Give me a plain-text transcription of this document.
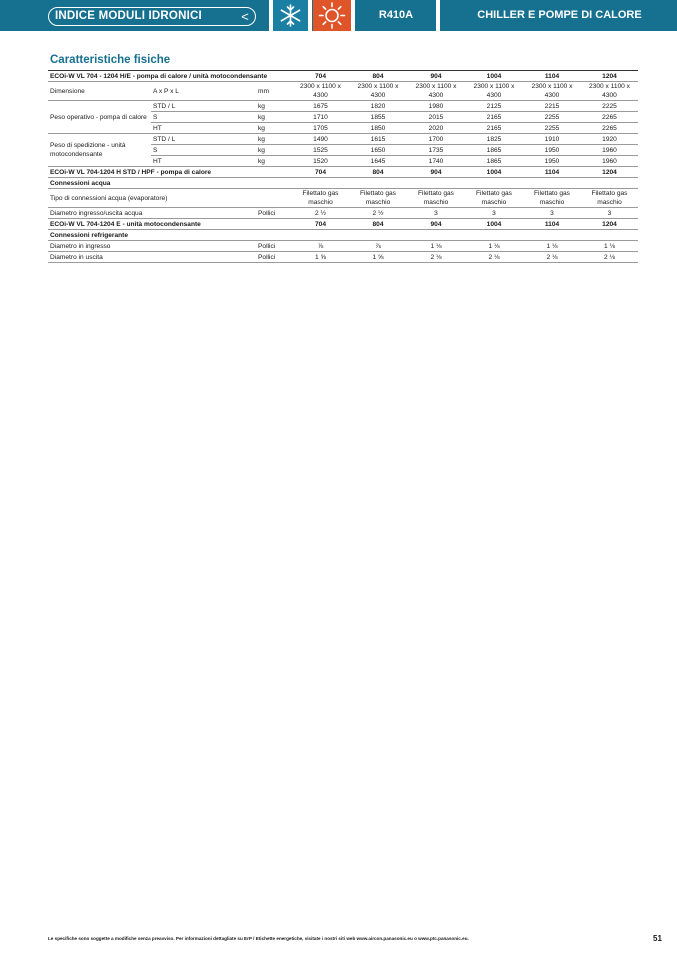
INDICE MODULI IDRONICI	<	R410A	CHILLER E POMPE DI CALORE
Caratteristiche fisiche
ECOi-W VL 704 - 1204 H/E - pompa di calore / unità motocondensante			704	804	904	1004	1104	1204
Dimensione	A x P x L	mm	2300 x 1100 x 4300	2300 x 1100 x 4300	2300 x 1100 x 4300	2300 x 1100 x 4300	2300 x 1100 x 4300	2300 x 1100 x 4300
Peso operativo - pompa di calore	STD / L	kg	1675	1820	1980	2125	2215	2225
	S	kg	1710	1855	2015	2165	2255	2265
	HT	kg	1705	1850	2020	2165	2255	2265
Peso di spedizione - unità motocondensante	STD / L	kg	1490	1615	1700	1825	1910	1920
	S	kg	1525	1650	1735	1865	1950	1960
	HT	kg	1520	1645	1740	1865	1950	1960
ECOi-W VL 704-1204 H STD / HPF - pompa di calore			704	804	904	1004	1104	1204
Connessioni acqua								
Tipo di connessioni acqua (evaporatore)			Filettato gas maschio	Filettato gas maschio	Filettato gas maschio	Filettato gas maschio	Filettato gas maschio	Filettato gas maschio
Diametro ingresso/uscita acqua		Pollici	2 ½	2 ½	3	3	3	3
ECOi-W VL 704-1204 E - unità motocondensante			704	804	904	1004	1104	1204
Connessioni refrigerante								
Diametro in ingresso		Pollici	⅞	⅞	1 ⅛	1 ⅛	1 ⅛	1 ⅛
Diametro in uscita		Pollici	1 ⅝	1 ⅝	2 ⅛	2 ⅛	2 ⅛	2 ⅛
Le specifiche sono soggette a modifiche senza preavviso. Per informazioni dettagliate su ErP / Etichette energetiche, visitate i nostri siti web www.aircon.panasonic.eu o www.ptc.panasonic.eu.	51
